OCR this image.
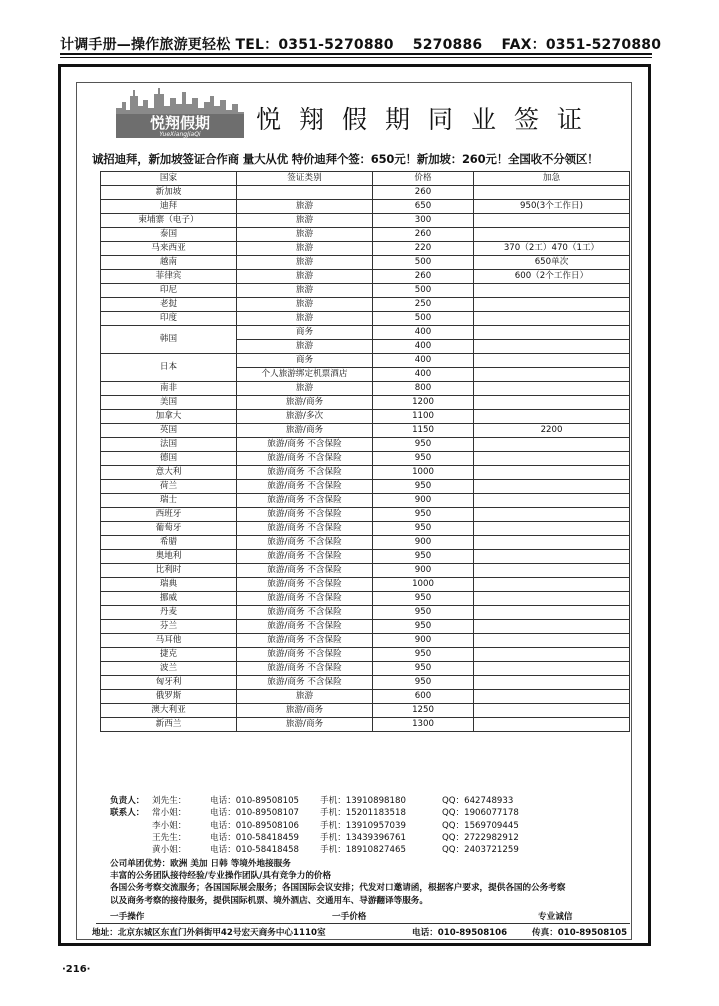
计调手册—操作旅游更轻松 TEL：0351-5270880 5270886 FAX：0351-5270880
悦翔假期
YueXiangJiaQi
悦翔假期同业签证
诚招迪拜，新加坡签证合作商 量大从优 特价迪拜个签：650元！新加坡：260元！全国收不分领区！
国家	签证类别	价格	加急
新加坡		260	
迪拜	旅游	650	950(3个工作日)
柬埔寨（电子）	旅游	300	
泰国	旅游	260	
马来西亚	旅游	220	370（2工）470（1工）
越南	旅游	500	650单次
菲律宾	旅游	260	600（2个工作日）
印尼	旅游	500	
老挝	旅游	250	
印度	旅游	500	
韩国	商务	400	
	旅游	400	
日本	商务	400	
	个人旅游绑定机票酒店	400	
南非	旅游	800	
美国	旅游/商务	1200	
加拿大	旅游/多次	1100	
英国	旅游/商务	1150	2200
法国	旅游/商务 不含保险	950	
德国	旅游/商务 不含保险	950	
意大利	旅游/商务 不含保险	1000	
荷兰	旅游/商务 不含保险	950	
瑞士	旅游/商务 不含保险	900	
西班牙	旅游/商务 不含保险	950	
葡萄牙	旅游/商务 不含保险	950	
希腊	旅游/商务 不含保险	900	
奥地利	旅游/商务 不含保险	950	
比利时	旅游/商务 不含保险	900	
瑞典	旅游/商务 不含保险	1000	
挪威	旅游/商务 不含保险	950	
丹麦	旅游/商务 不含保险	950	
芬兰	旅游/商务 不含保险	950	
马耳他	旅游/商务 不含保险	900	
捷克	旅游/商务 不含保险	950	
波兰	旅游/商务 不含保险	950	
匈牙利	旅游/商务 不含保险	950	
俄罗斯	旅游	600	
澳大利亚	旅游/商务	1250	
新西兰	旅游/商务	1300	
负责人： 刘先生：	电话：010-89508105 手机：13910898180	QQ：642748933
联系人： 常小姐：	电话：010-89508107 手机：15201183518	QQ：1906077178
李小姐：	电话：010-89508106 手机：13910957039	QQ：1569709445
王先生：	电话：010-58418459 手机：13439396761	QQ：2722982912
黄小姐：	电话：010-58418458 手机：18910827465	QQ：2403721259
公司单团优势：欧洲 美加 日韩 等境外地接服务
丰富的公务团队接待经验/专业操作团队/具有竞争力的价格
各国公务考察交流服务；各国国际展会服务；各国国际会议安排；代发对口邀请函，根据客户要求，提供各国的公务考察
以及商务考察的接待服务，提供国际机票、境外酒店、交通用车、导游翻译等服务。
一手操作	一手价格	专业诚信
地址：北京东城区东直门外斜街甲42号宏天商务中心1110室	电话：010-89508106	传真：010-89508105
·216·
